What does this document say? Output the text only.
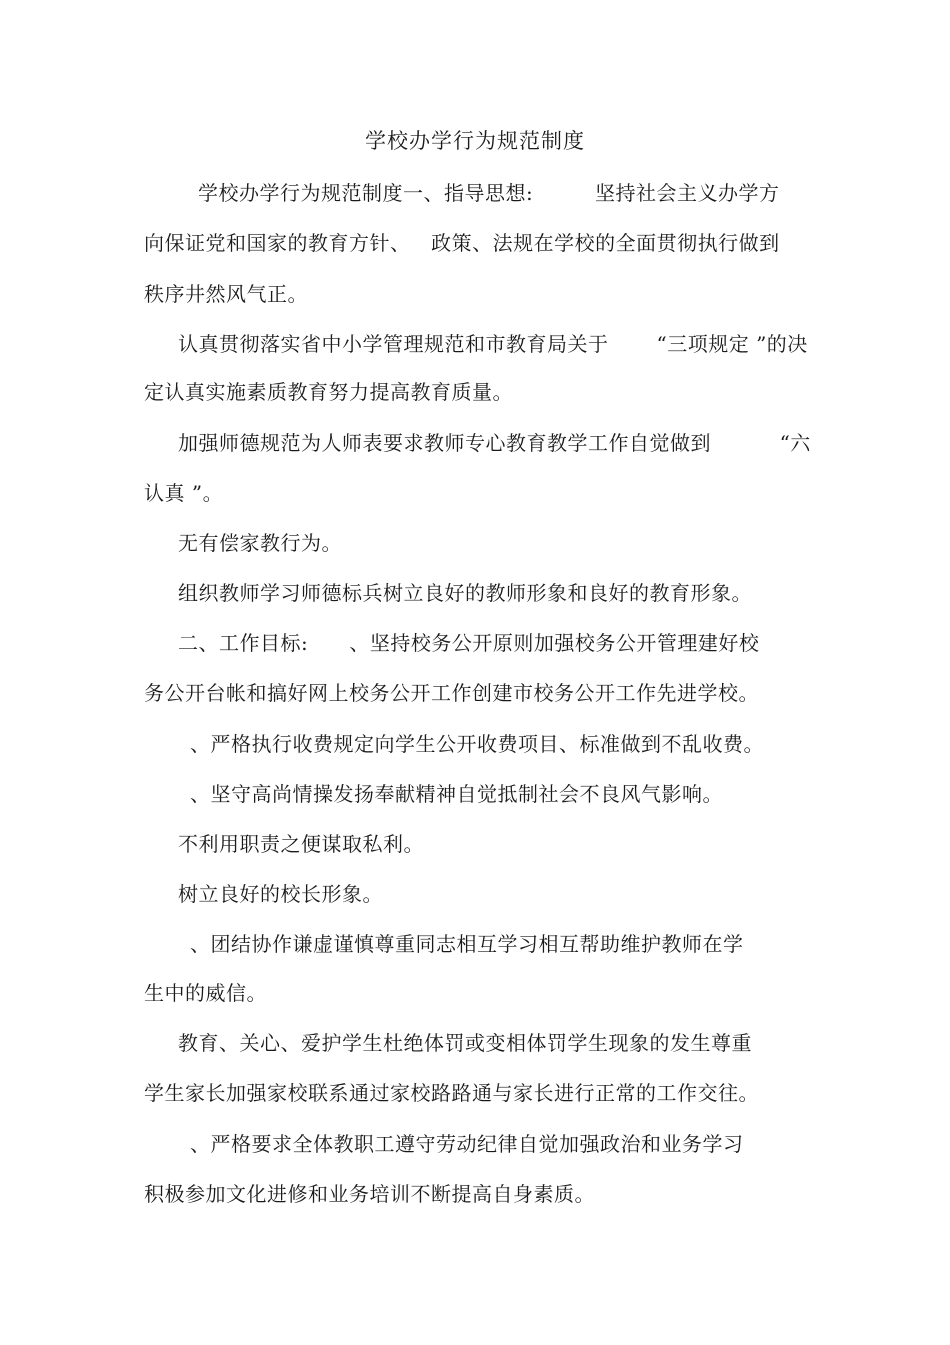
学校办学行为规范制度
学校办学行为规范制度一、指导思想:         坚持社会主义办学方
向保证党和国家的教育方针、   政策、法规在学校的全面贯彻执行做到
秩序井然风气正。
认真贯彻落实省中小学管理规范和市教育局关于       “三项规定 ”的决
定认真实施素质教育努力提高教育质量。
加强师德规范为人师表要求教师专心教育教学工作自觉做到          “六
认真 ”。
无有偿家教行为。
组织教师学习师德标兵树立良好的教师形象和良好的教育形象。
二、工作目标:      、坚持校务公开原则加强校务公开管理建好校
务公开台帐和搞好网上校务公开工作创建市校务公开工作先进学校。
、严格执行收费规定向学生公开收费项目、标准做到不乱收费。
、坚守高尚情操发扬奉献精神自觉抵制社会不良风气影响。
不利用职责之便谋取私利。
树立良好的校长形象。
、团结协作谦虚谨慎尊重同志相互学习相互帮助维护教师在学
生中的威信。
教育、关心、爱护学生杜绝体罚或变相体罚学生现象的发生尊重
学生家长加强家校联系通过家校路路通与家长进行正常的工作交往。
、严格要求全体教职工遵守劳动纪律自觉加强政治和业务学习
积极参加文化进修和业务培训不断提高自身素质。
